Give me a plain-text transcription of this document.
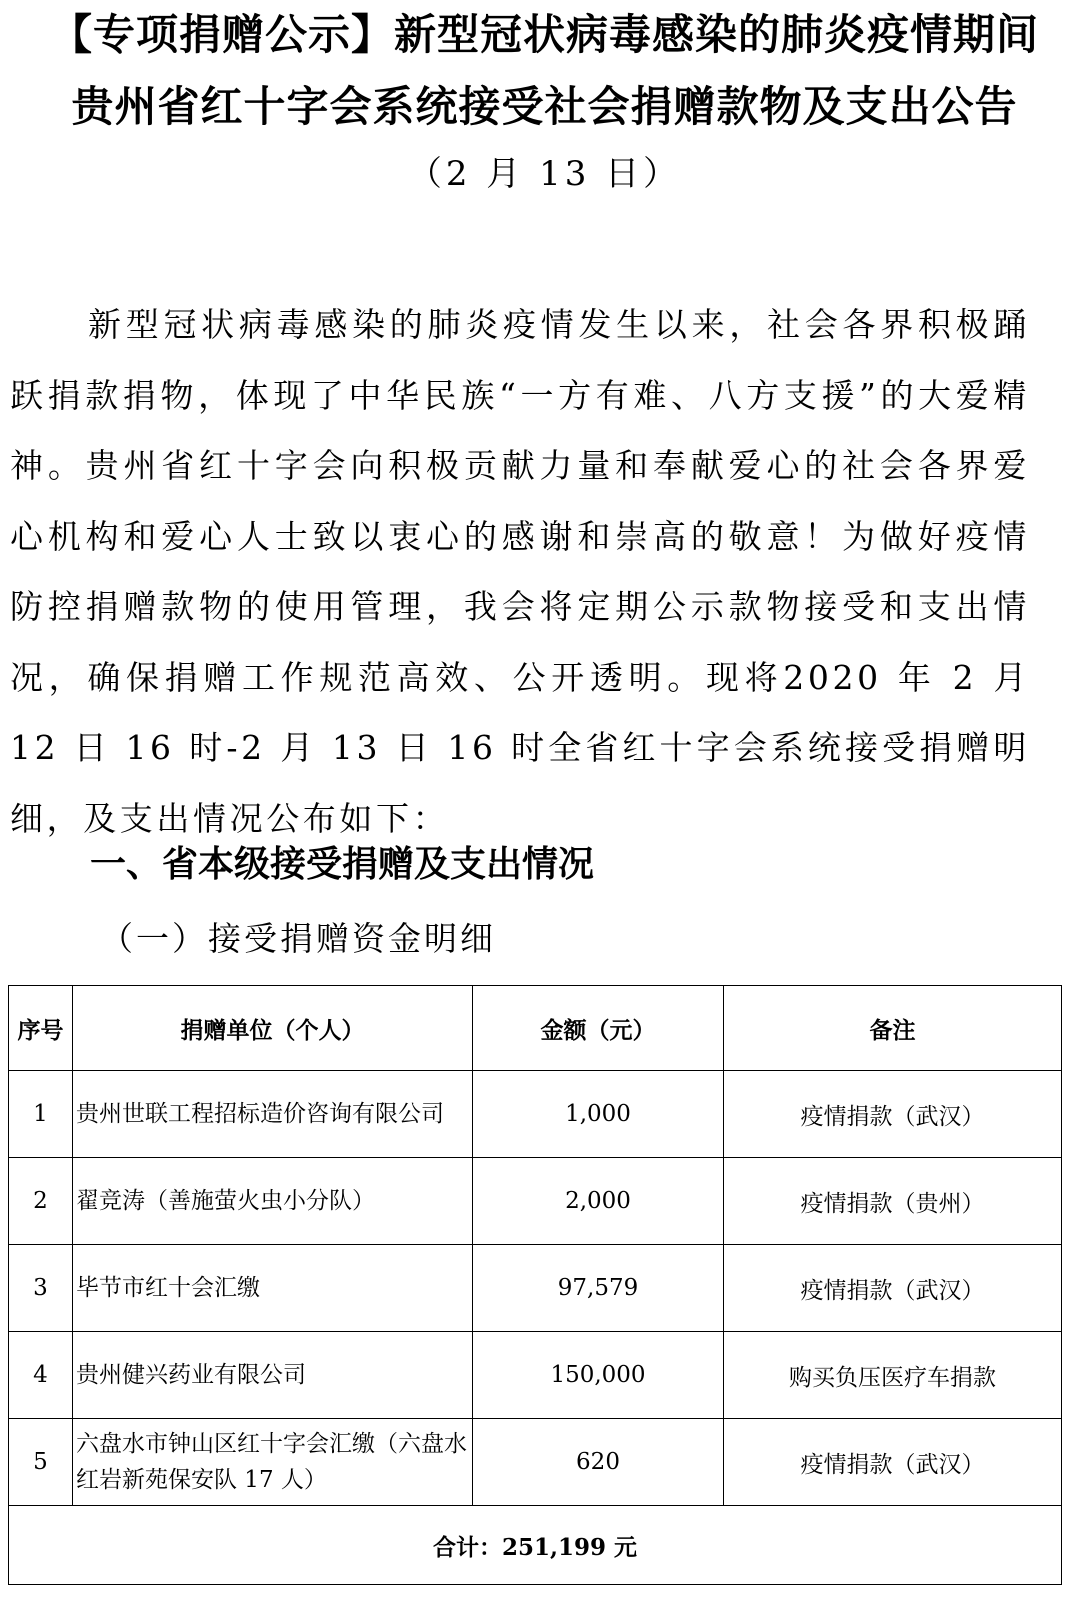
【专项捐赠公示】新型冠状病毒感染的肺炎疫情期间
贵州省红十字会系统接受社会捐赠款物及支出公告
（2 月 13 日）
新型冠状病毒感染的肺炎疫情发生以来，社会各界积极踊跃捐款捐物，体现了中华民族“一方有难、八方支援”的大爱精神。贵州省红十字会向积极贡献力量和奉献爱心的社会各界爱心机构和爱心人士致以衷心的感谢和崇高的敬意！为做好疫情防控捐赠款物的使用管理，我会将定期公示款物接受和支出情况，确保捐赠工作规范高效、公开透明。现将2020 年 2 月 12 日 16 时-2 月 13 日 16 时全省红十字会系统接受捐赠明细，及支出情况公布如下：
一、省本级接受捐赠及支出情况
（一）接受捐赠资金明细
序号	捐赠单位（个人）	金额（元）	备注
1	贵州世联工程招标造价咨询有限公司	1,000	疫情捐款（武汉）
2	翟竞涛（善施萤火虫小分队）	2,000	疫情捐款（贵州）
3	毕节市红十会汇缴	97,579	疫情捐款（武汉）
4	贵州健兴药业有限公司	150,000	购买负压医疗车捐款
5	六盘水市钟山区红十字会汇缴（六盘水红岩新苑保安队 17 人）	620	疫情捐款（武汉）
合计：251,199 元			
